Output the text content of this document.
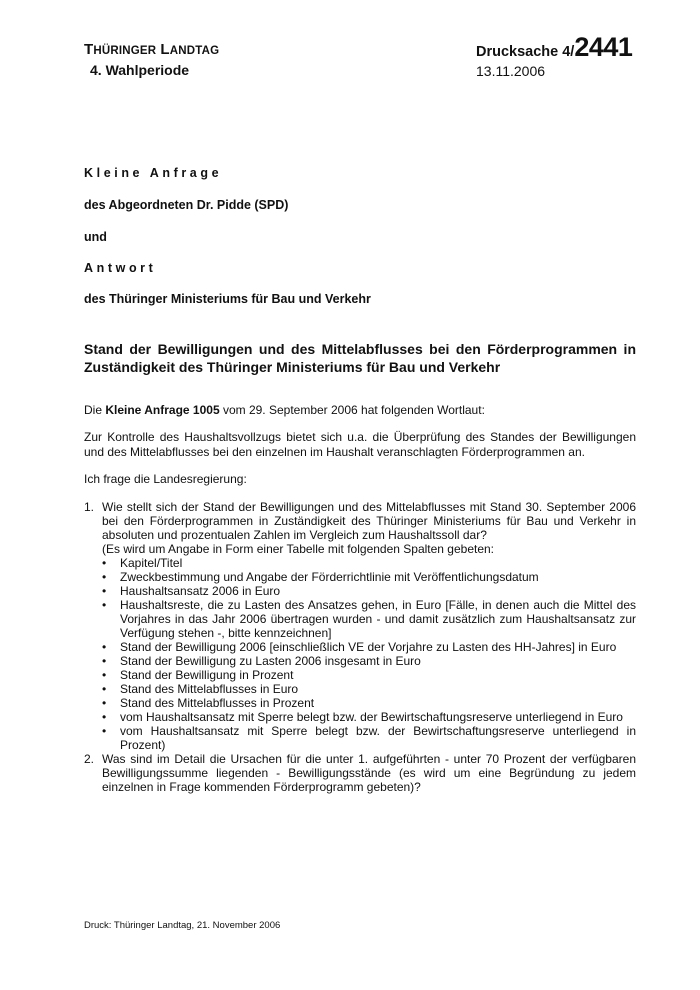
THÜRINGER LANDTAG
4. Wahlperiode
Drucksache 4/2441
13.11.2006
Kleine Anfrage
des Abgeordneten Dr. Pidde (SPD)
und
Antwort
des Thüringer Ministeriums für Bau und Verkehr
Stand der Bewilligungen und des Mittelabflusses bei den Förderprogrammen in Zuständigkeit des Thüringer Ministeriums für Bau und Verkehr
Die Kleine Anfrage 1005 vom 29. September 2006 hat folgenden Wortlaut:
Zur Kontrolle des Haushaltsvollzugs bietet sich u.a. die Überprüfung des Standes der Bewilligungen und des Mittelabflusses bei den einzelnen im Haushalt veranschlagten Förderprogrammen an.
Ich frage die Landesregierung:
1. Wie stellt sich der Stand der Bewilligungen und des Mittelabflusses mit Stand 30. September 2006 bei den Förderprogrammen in Zuständigkeit des Thüringer Ministeriums für Bau und Verkehr in absoluten und prozentualen Zahlen im Vergleich zum Haushaltssoll dar?
(Es wird um Angabe in Form einer Tabelle mit folgenden Spalten gebeten:
• Kapitel/Titel
• Zweckbestimmung und Angabe der Förderrichtlinie mit Veröffentlichungsdatum
• Haushaltsansatz 2006 in Euro
• Haushaltsreste, die zu Lasten des Ansatzes gehen, in Euro [Fälle, in denen auch die Mittel des Vorjahres in das Jahr 2006 übertragen wurden - und damit zusätzlich zum Haushaltsansatz zur Verfügung stehen -, bitte kennzeichnen]
• Stand der Bewilligung 2006 [einschließlich VE der Vorjahre zu Lasten des HH-Jahres] in Euro
• Stand der Bewilligung zu Lasten 2006 insgesamt in Euro
• Stand der Bewilligung in Prozent
• Stand des Mittelabflusses in Euro
• Stand des Mittelabflusses in Prozent
• vom Haushaltsansatz mit Sperre belegt bzw. der Bewirtschaftungsreserve unterliegend in Euro
• vom Haushaltsansatz mit Sperre belegt bzw. der Bewirtschaftungsreserve unterliegend in Prozent)
2. Was sind im Detail die Ursachen für die unter 1. aufgeführten - unter 70 Prozent der verfügbaren Bewilligungssumme liegenden - Bewilligungsstände (es wird um eine Begründung zu jedem einzelnen in Frage kommenden Förderprogramm gebeten)?
Druck: Thüringer Landtag, 21. November 2006
